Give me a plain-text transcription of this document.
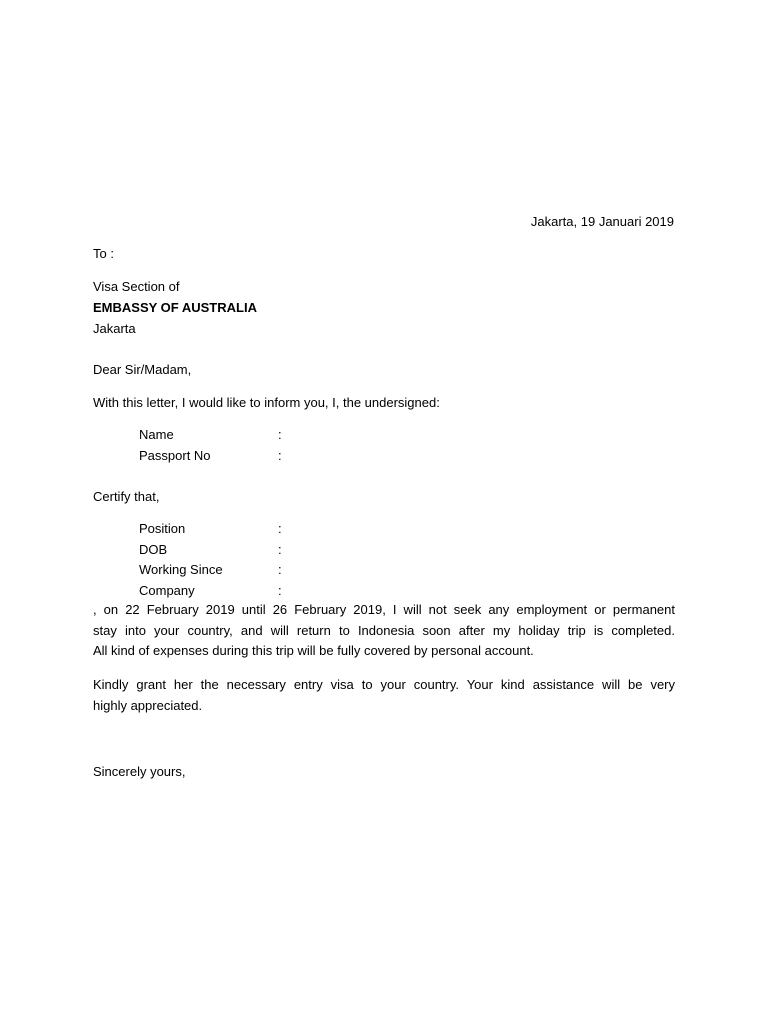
Jakarta, 19 Januari 2019
To :
Visa Section of
EMBASSY OF AUSTRALIA
Jakarta
Dear Sir/Madam,
With this letter, I would like to inform you, I, the undersigned:
Name	:
Passport No	:
Certify that,
Position	:
DOB	:
Working Since	:
Company	:
, on 22 February 2019 until 26 February 2019, I will not seek any employment or permanent
stay into your country, and will return to Indonesia soon after my holiday trip is completed.
All kind of expenses during this trip will be fully covered by personal account.
Kindly grant her the necessary entry visa to your country. Your kind assistance will be very
highly appreciated.
Sincerely yours,
